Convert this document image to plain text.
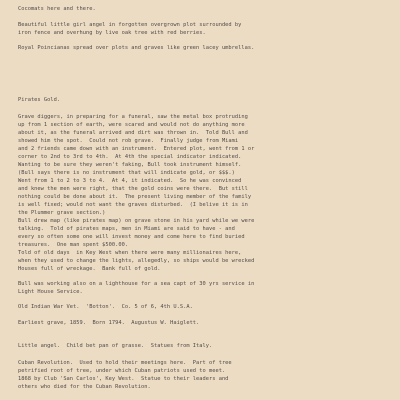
Cocomats here and there.
Beautiful little girl angel in forgotten overgrown plot surrounded by
iron fence and overhung by live oak tree with red berries.
Royal Poincianas spread over plots and graves like green lacey umbrellas.
Pirates Gold.
Grave diggers, in preparing for a funeral, saw the metal box protruding
up from 1 section of earth, were scared and would not do anything more
about it, as the funeral arrived and dirt was thrown in.  Told Bull and
showed him the spot.  Could not rob grave.  Finally judge from Miami
and 2 friends came down with an instrument.  Entered plot, went from 1 or
corner to 2nd to 3rd to 4th.  At 4th the special indicator indicated.
Wanting to be sure they weren't faking, Bull took instrument himself.
(Bull says there is no instrument that will indicate gold, or $$$.)
Went from 1 to 2 to 3 to 4.  At 4, it indicated.  So he was convinced
and knew the men were right, that the gold coins were there.  But still
nothing could be done about it.  The present living member of the family
is well fixed; would not want the graves disturbed.  (I belive it is in
the Plummer grave section.)
Bull drew map (like pirates map) on grave stone in his yard while we were
talking.  Told of pirates maps, men in Miami are said to have - and
every so often some one will invest money and come here to find buried
treasures.  One man spent $500.00.
Told of old days  in Key West when there were many millionaires here,
when they used to change the lights, allegedly, so ships would be wrecked
Houses full of wreckage.  Bank full of gold.
Bull was working also on a lighthouse for a sea capt of 30 yrs service in
Light House Service.
Old Indian War Vet.  'Botton'.  Co. 5 of 6, 4th U.S.A.
Earliest grave, 1859.  Born 1794.  Augustus W. Haiglett.
Little angel.  Child bet pan of grasse.  Statues from Italy.
Cuban Revolution.  Used to hold their meetings here.  Part of tree
petrified root of tree, under which Cuban patriots used to meet.
1868 by Club 'San Carlos', Key West.  Statue to their leaders and
others who died for the Cuban Revolution.
